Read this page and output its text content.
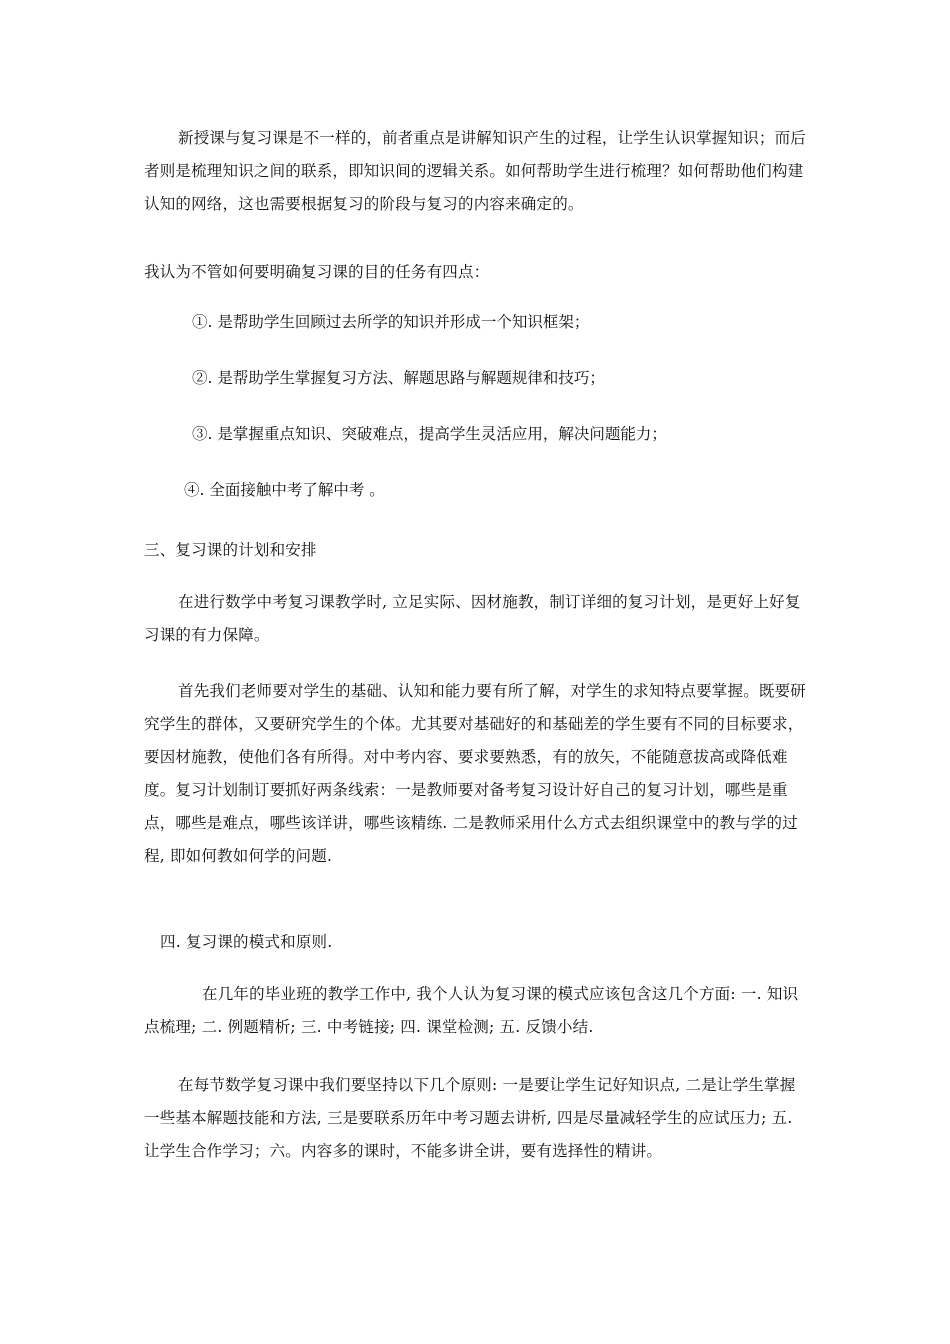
新授课与复习课是不一样的，前者重点是讲解知识产生的过程，让学生认识掌握知识；而后者则是梳理知识之间的联系，即知识间的逻辑关系。如何帮助学生进行梳理？如何帮助他们构建认知的网络，这也需要根据复习的阶段与复习的内容来确定的。

我认为不管如何要明确复习课的目的任务有四点：

①. 是帮助学生回顾过去所学的知识并形成一个知识框架；

②. 是帮助学生掌握复习方法、解题思路与解题规律和技巧；

③. 是掌握重点知识、突破难点，提高学生灵活应用，解决问题能力；

④. 全面接触中考了解中考 。

三、复习课的计划和安排

在进行数学中考复习课教学时, 立足实际、因材施教，制订详细的复习计划，是更好上好复习课的有力保障。

首先我们老师要对学生的基础、认知和能力要有所了解，对学生的求知特点要掌握。既要研究学生的群体，又要研究学生的个体。尤其要对基础好的和基础差的学生要有不同的目标要求，要因材施教，使他们各有所得。对中考内容、要求要熟悉，有的放矢，不能随意拔高或降低难度。复习计划制订要抓好两条线索：一是教师要对备考复习设计好自己的复习计划，哪些是重点，哪些是难点，哪些该详讲，哪些该精练. 二是教师采用什么方式去组织课堂中的教与学的过程, 即如何教如何学的问题.

四. 复习课的模式和原则.

在几年的毕业班的教学工作中, 我个人认为复习课的模式应该包含这几个方面: 一. 知识点梳理; 二. 例题精析; 三. 中考链接; 四. 课堂检测; 五. 反馈小结.

在每节数学复习课中我们要坚持以下几个原则: 一是要让学生记好知识点, 二是让学生掌握一些基本解题技能和方法, 三是要联系历年中考习题去讲析, 四是尽量减轻学生的应试压力; 五. 让学生合作学习；六。内容多的课时，不能多讲全讲，要有选择性的精讲。
